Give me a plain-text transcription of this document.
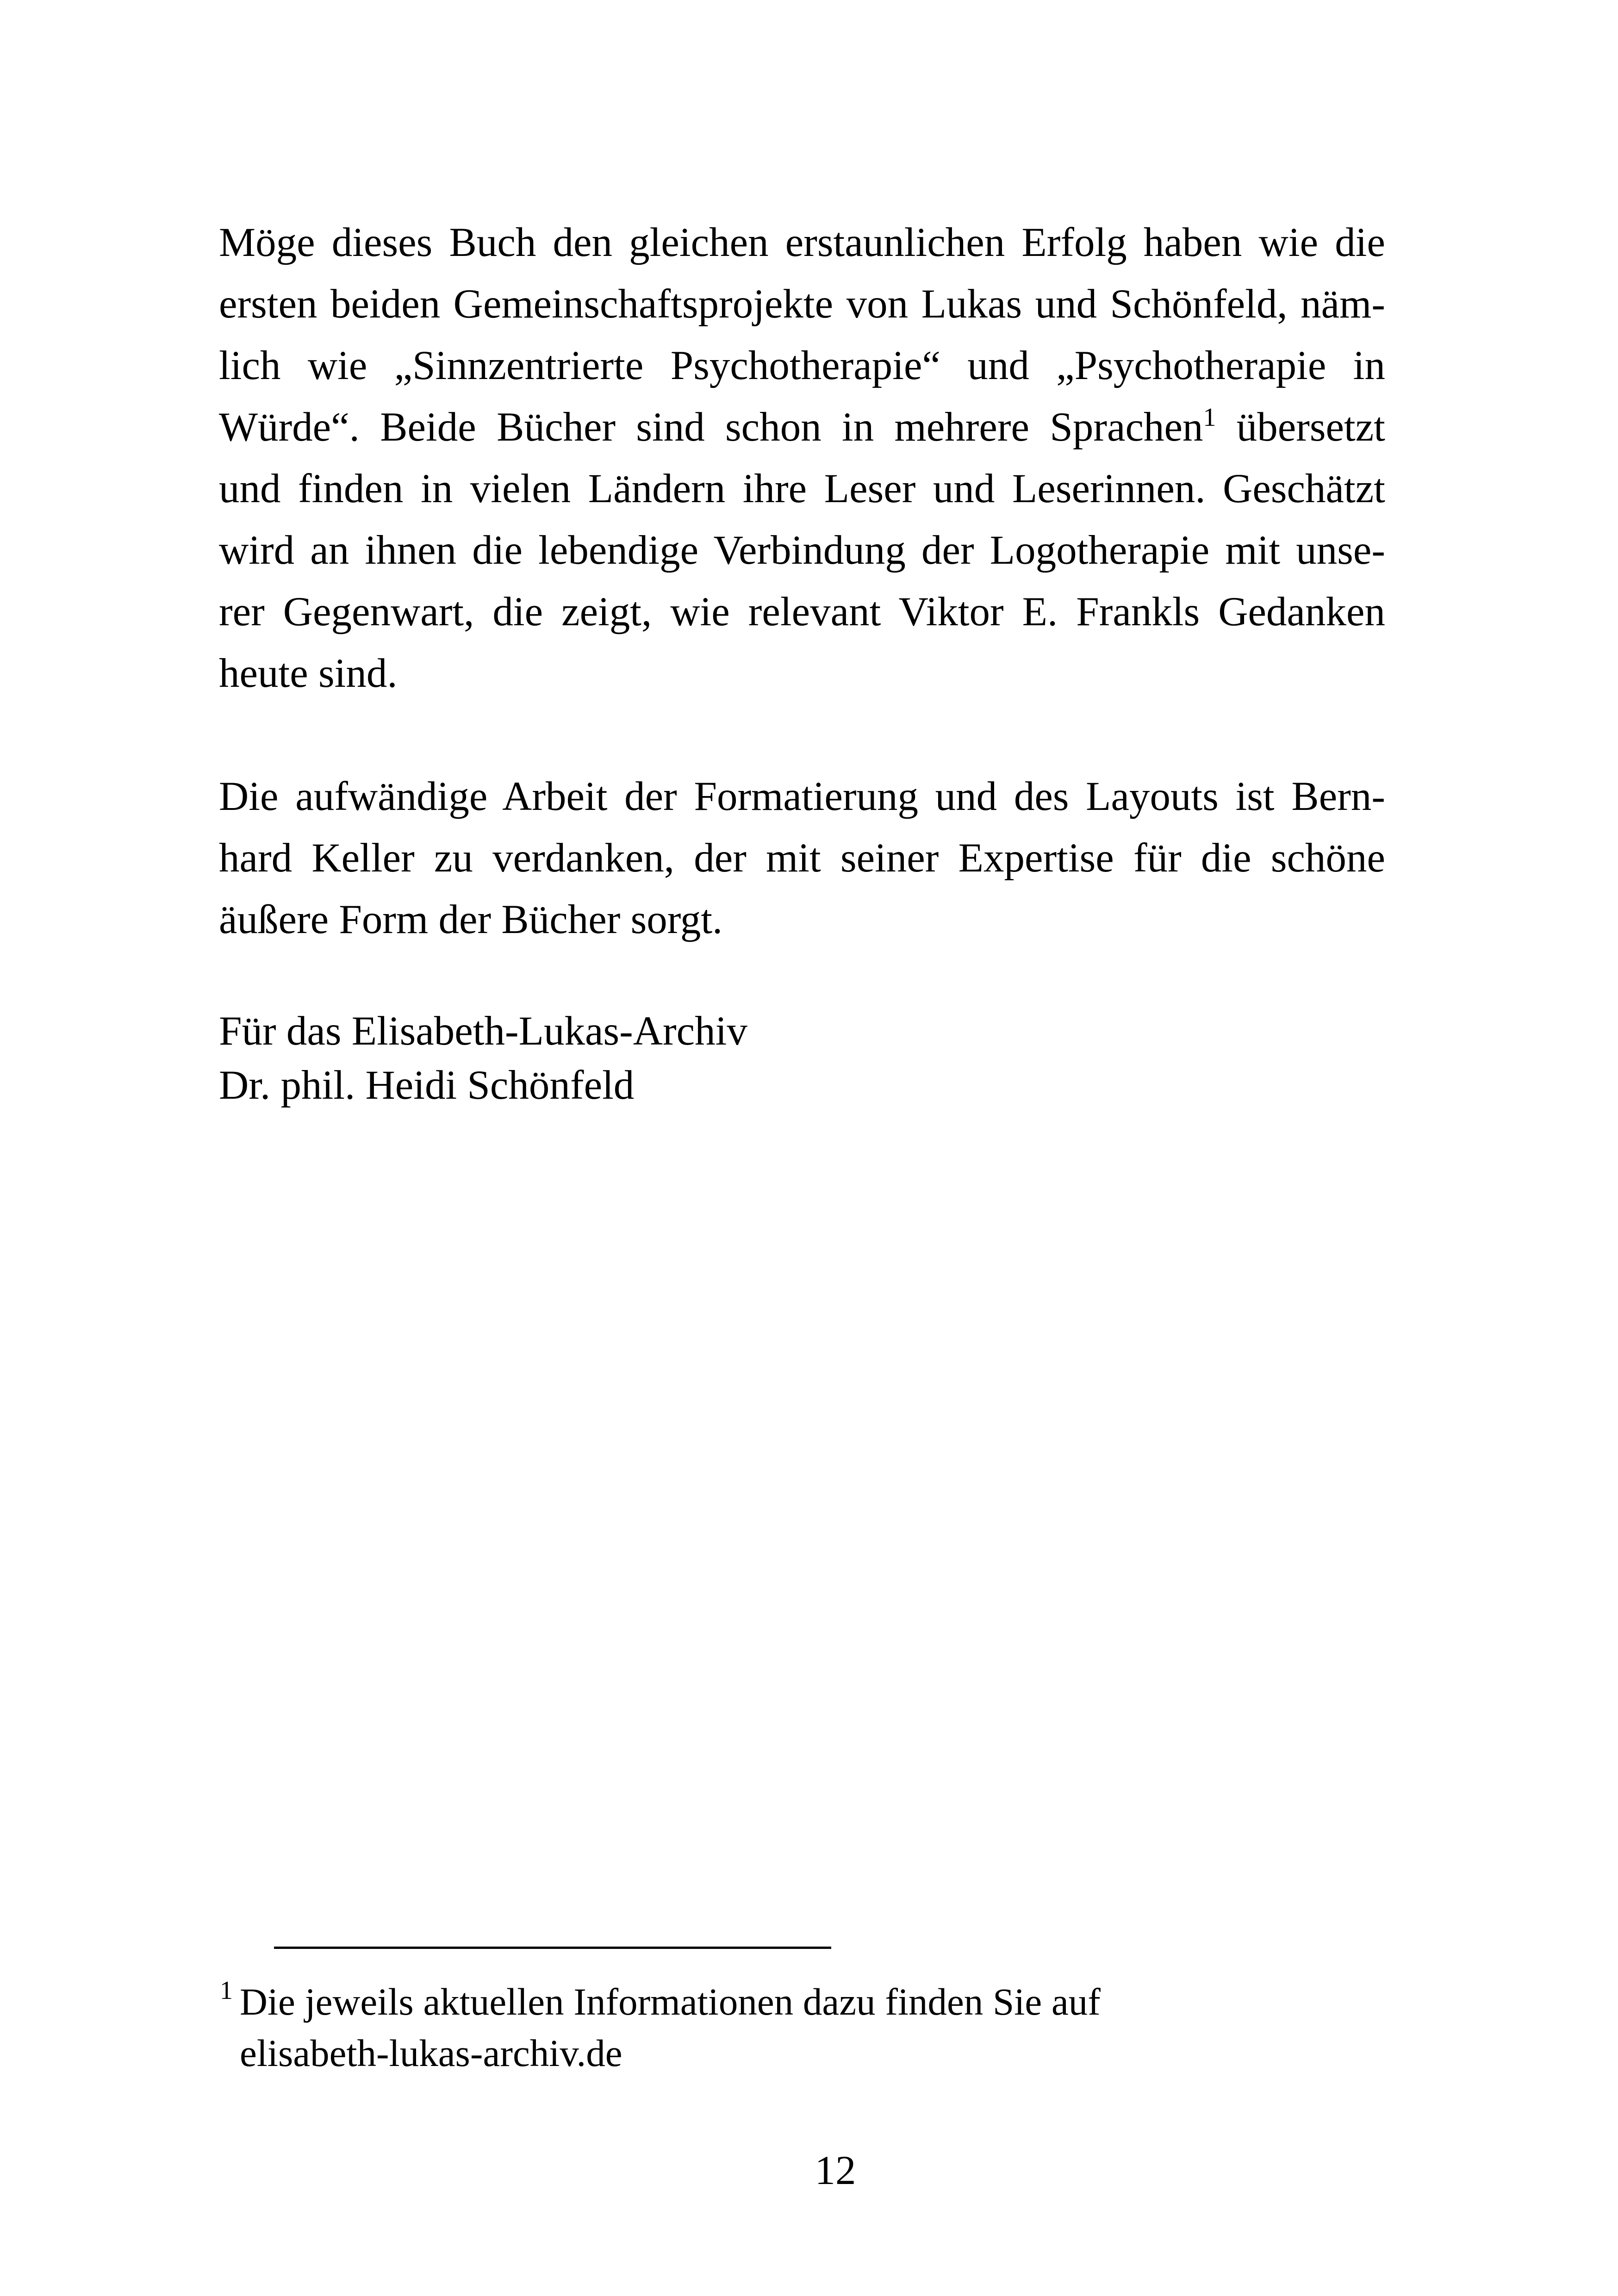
Möge dieses Buch den gleichen erstaunlichen Erfolg haben wie die
ersten beiden Gemeinschaftsprojekte von Lukas und Schönfeld, näm-
lich wie „Sinnzentrierte Psychotherapie“ und „Psychotherapie in
Würde“. Beide Bücher sind schon in mehrere Sprachen$^1$ übersetzt
und finden in vielen Ländern ihre Leser und Leserinnen. Geschätzt
wird an ihnen die lebendige Verbindung der Logotherapie mit unse-
rer Gegenwart, die zeigt, wie relevant Viktor E. Frankls Gedanken
heute sind.
Die aufwändige Arbeit der Formatierung und des Layouts ist Bern-
hard Keller zu verdanken, der mit seiner Expertise für die schöne
äußere Form der Bücher sorgt.
Für das Elisabeth-Lukas-Archiv
Dr. phil. Heidi Schönfeld
1 Die jeweils aktuellen Informationen dazu finden Sie auf
elisabeth-lukas-archiv.de
12
